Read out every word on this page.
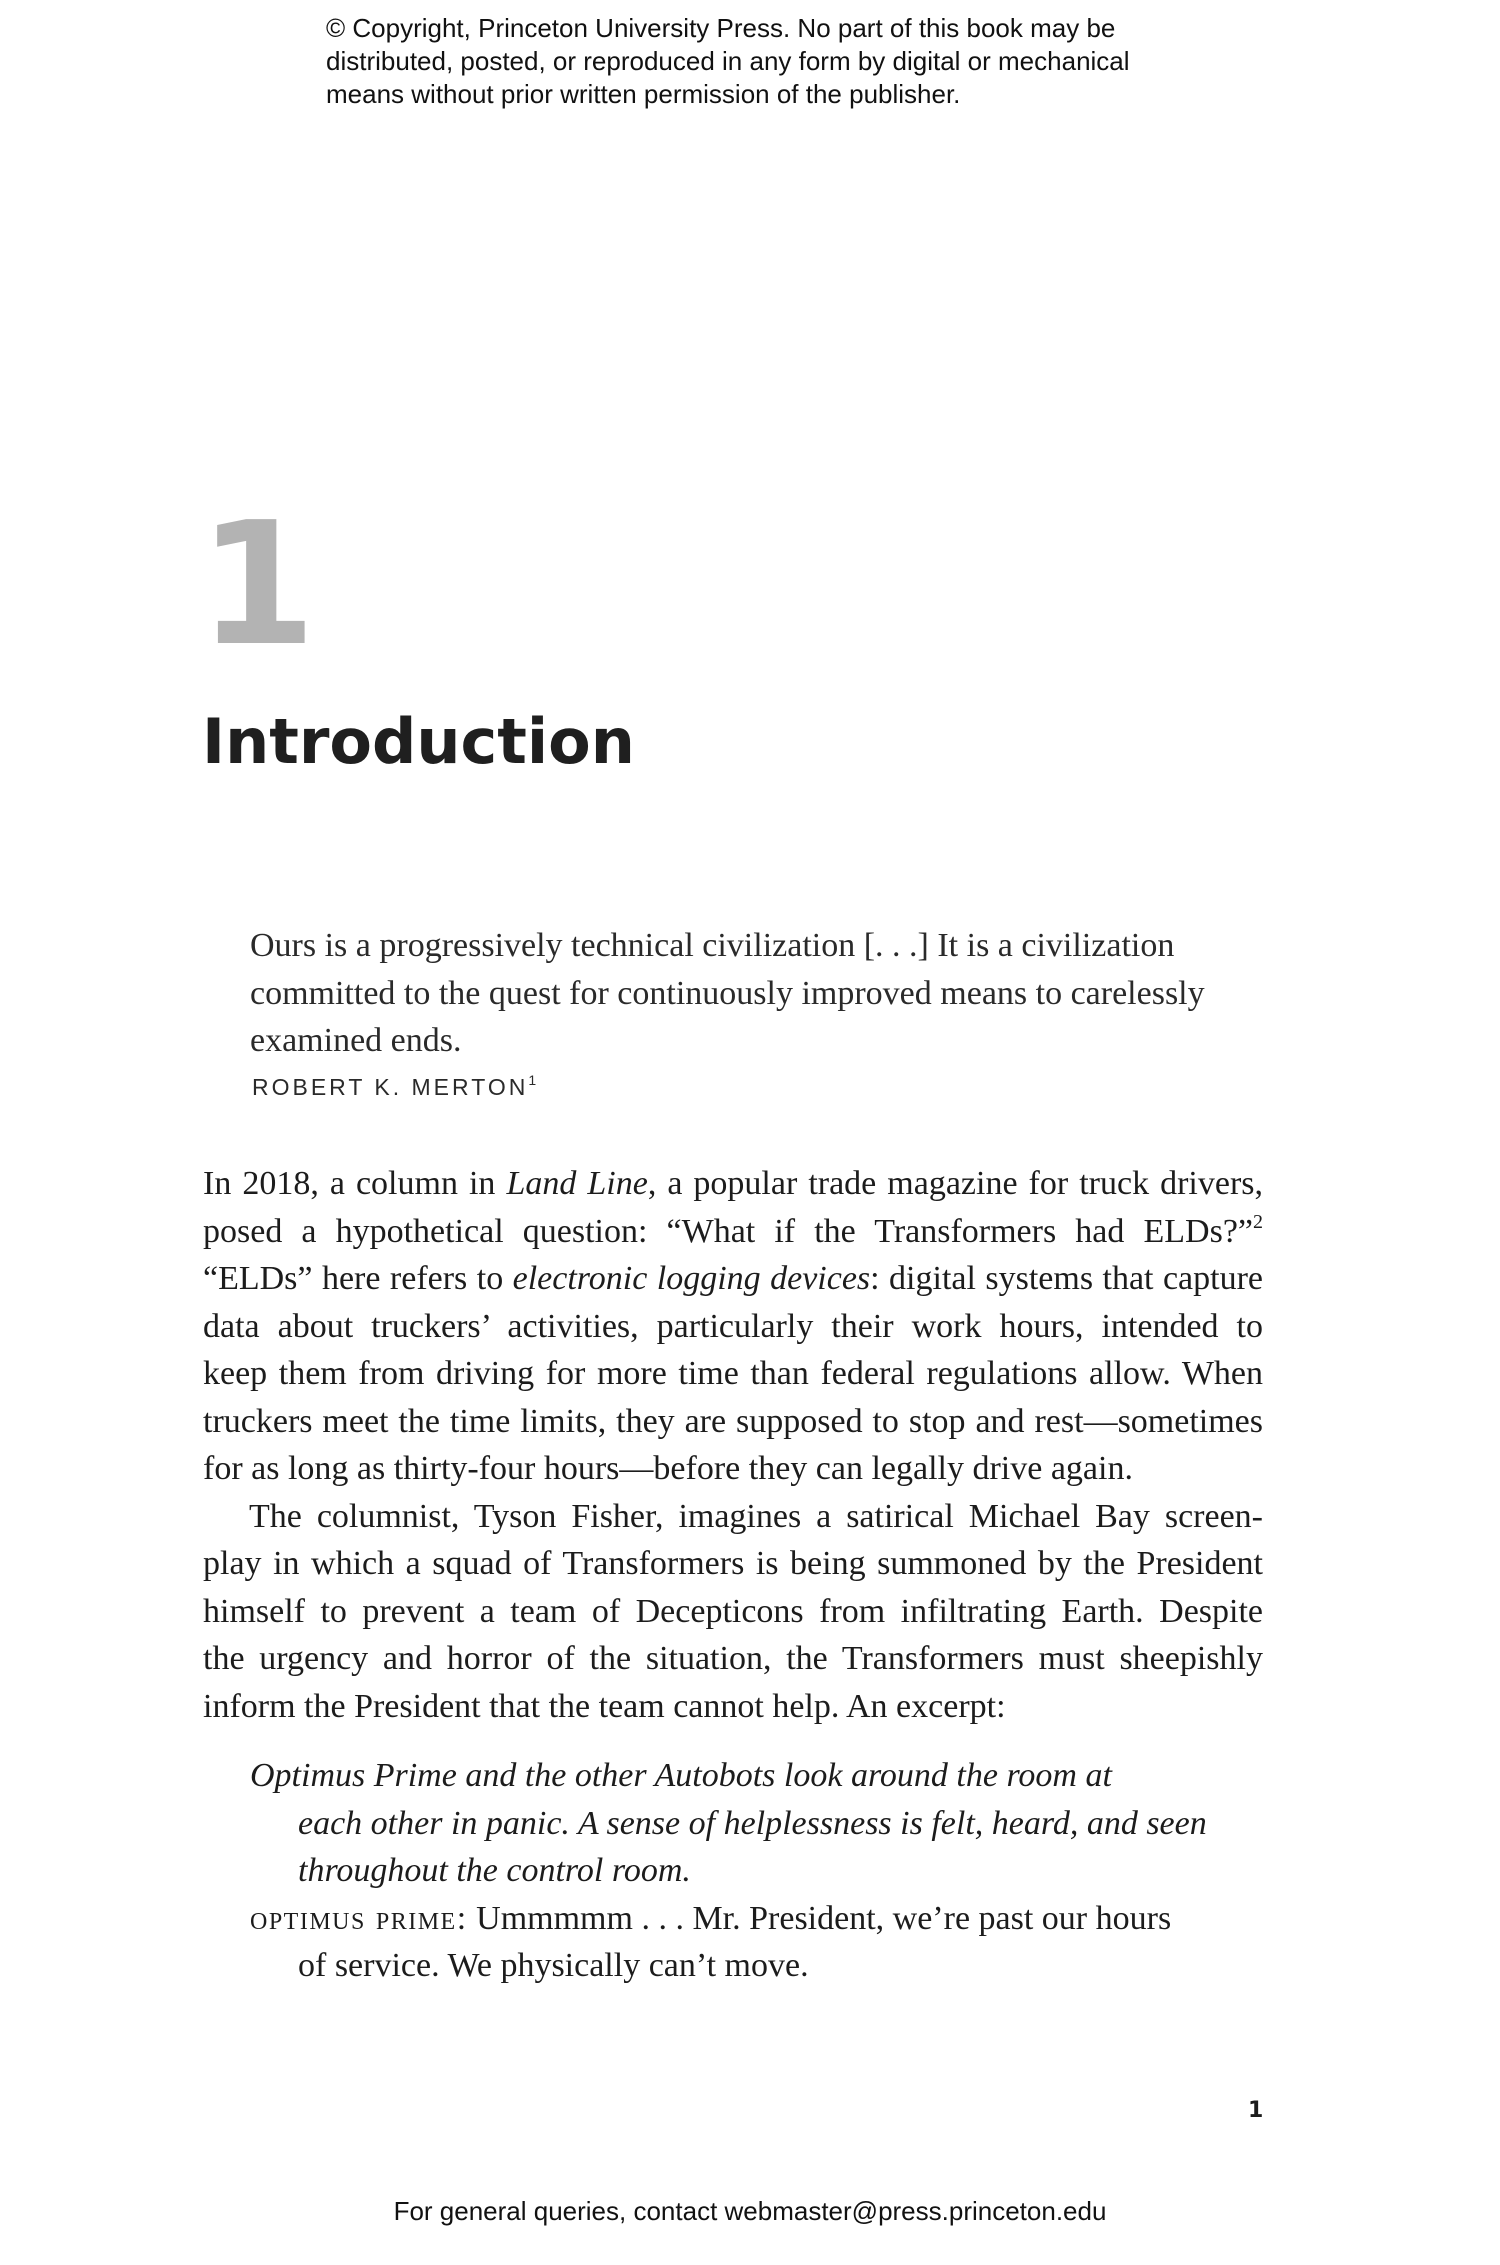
© Copyright, Princeton University Press. No part of this book may be
distributed, posted, or reproduced in any form by digital or mechanical
means without prior written permission of the publisher.
1
Introduction
Ours is a progressively technical civilization [. . .] It is a civilization
committed to the quest for continuously improved means to carelessly
examined ends.
ROBERT K. MERTON$^1$
In 2018, a column in Land Line, a popular trade magazine for truck drivers,
posed a hypothetical question: “What if the Transformers had ELDs?”$^2$
“ELDs” here refers to electronic logging devices: digital systems that capture
data about truckers’ activities, particularly their work hours, intended to
keep them from driving for more time than federal regulations allow. When
truckers meet the time limits, they are supposed to stop and rest—sometimes
for as long as thirty-four hours—before they can legally drive again.
The columnist, Tyson Fisher, imagines a satirical Michael Bay screen-
play in which a squad of Transformers is being summoned by the President
himself to prevent a team of Decepticons from infiltrating Earth. Despite
the urgency and horror of the situation, the Transformers must sheepishly
inform the President that the team cannot help. An excerpt:
Optimus Prime and the other Autobots look around the room at
each other in panic. A sense of helplessness is felt, heard, and seen
throughout the control room.
optimus prime: Ummmmm . . . Mr. President, we’re past our hours
of service. We physically can’t move.
1
For general queries, contact webmaster@press.princeton.edu
